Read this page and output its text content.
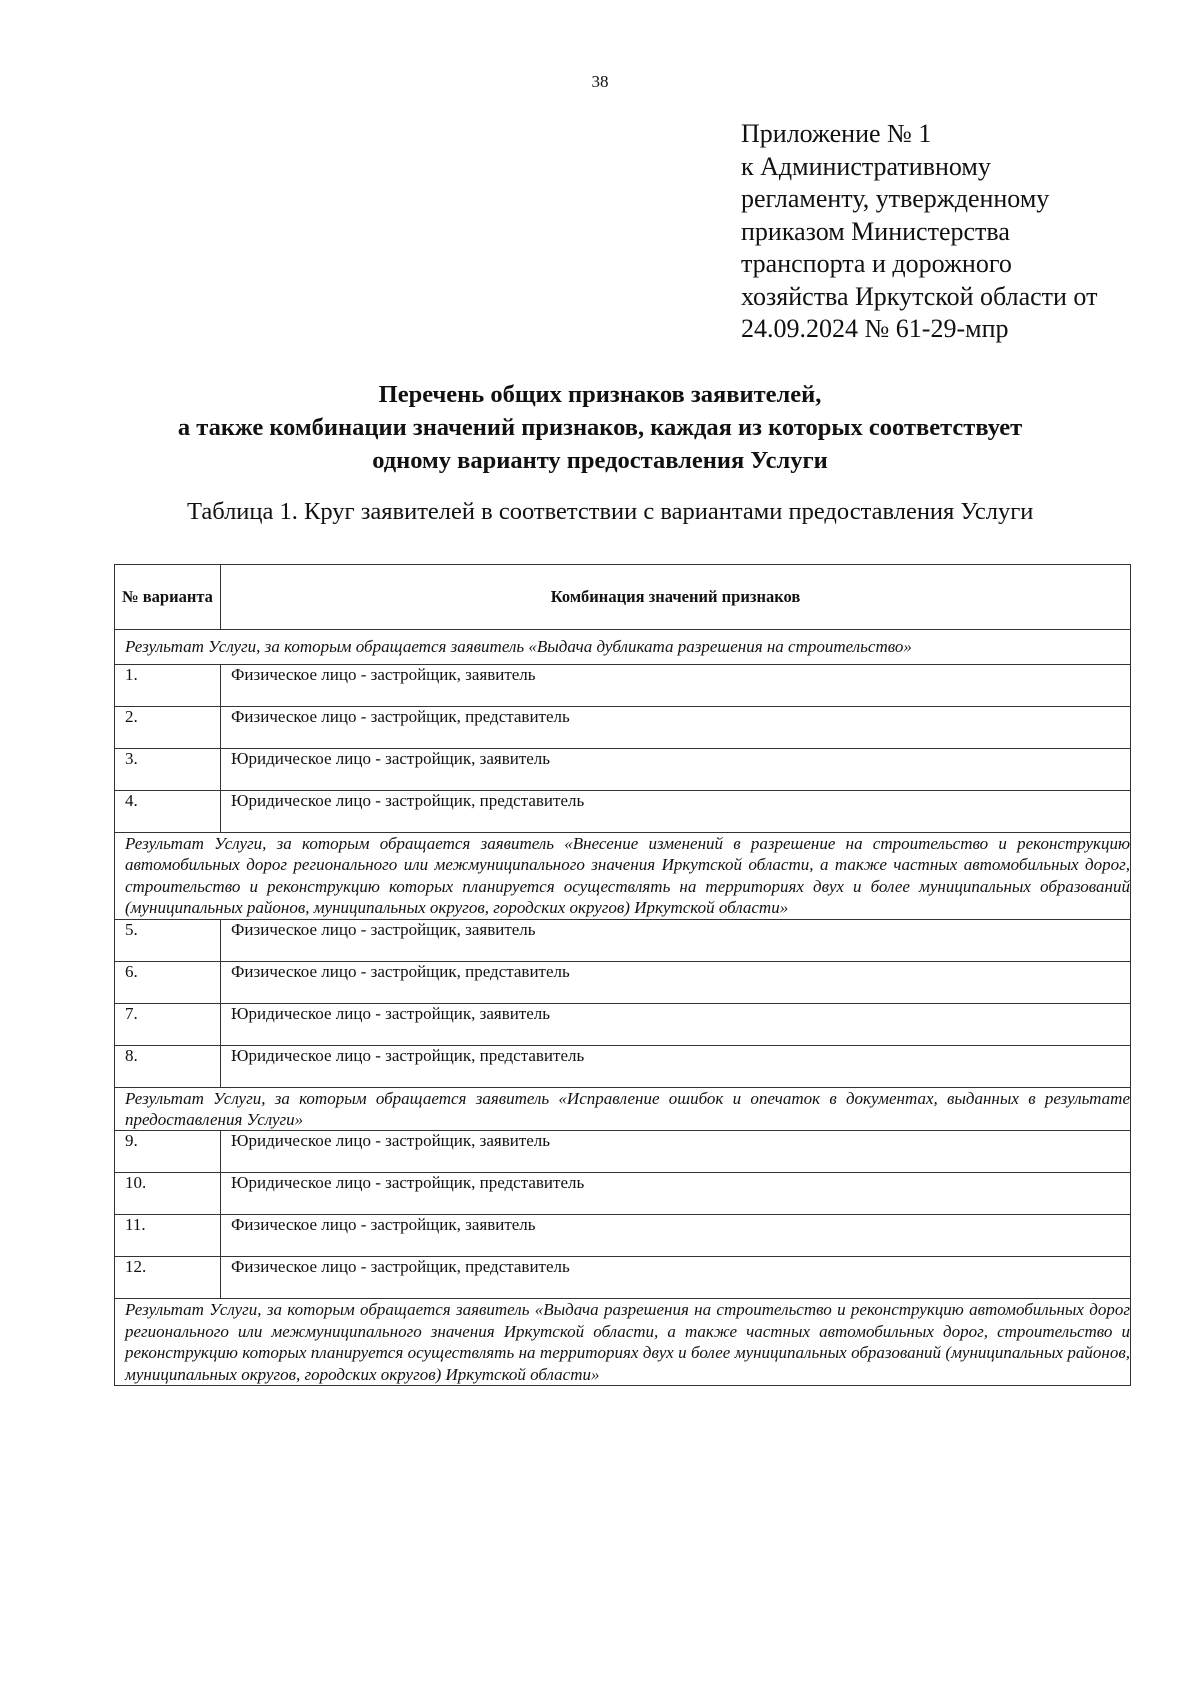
38
Приложение № 1
к Административному
регламенту, утвержденному
приказом Министерства
транспорта и дорожного
хозяйства Иркутской области от
24.09.2024 № 61-29-мпр
Перечень общих признаков заявителей,
а также комбинации значений признаков, каждая из которых соответствует
одному варианту предоставления Услуги
Таблица 1. Круг заявителей в соответствии с вариантами предоставления Услуги
№ варианта	Комбинация значений признаков
Результат Услуги, за которым обращается заявитель «Выдача дубликата разрешения на строительство»	
1.	Физическое лицо - застройщик, заявитель
2.	Физическое лицо - застройщик, представитель
3.	Юридическое лицо - застройщик, заявитель
4.	Юридическое лицо - застройщик, представитель
Результат Услуги, за которым обращается заявитель «Внесение изменений в разрешение на строительство и реконструкцию автомобильных дорог регионального или межмуниципального значения Иркутской области, а также частных автомобильных дорог, строительство и реконструкцию которых планируется осуществлять на территориях двух и более муниципальных образований (муниципальных районов, муниципальных округов, городских округов) Иркутской области»	
5.	Физическое лицо - застройщик, заявитель
6.	Физическое лицо - застройщик, представитель
7.	Юридическое лицо - застройщик, заявитель
8.	Юридическое лицо - застройщик, представитель
Результат Услуги, за которым обращается заявитель «Исправление ошибок и опечаток в документах, выданных в результате предоставления Услуги»	
9.	Юридическое лицо - застройщик, заявитель
10.	Юридическое лицо - застройщик, представитель
11.	Физическое лицо - застройщик, заявитель
12.	Физическое лицо - застройщик, представитель
Результат Услуги, за которым обращается заявитель «Выдача разрешения на строительство и реконструкцию автомобильных дорог регионального или межмуниципального значения Иркутской области, а также частных автомобильных дорог, строительство и реконструкцию которых планируется осуществлять на территориях двух и более муниципальных образований (муниципальных районов, муниципальных округов, городских округов) Иркутской области»	
